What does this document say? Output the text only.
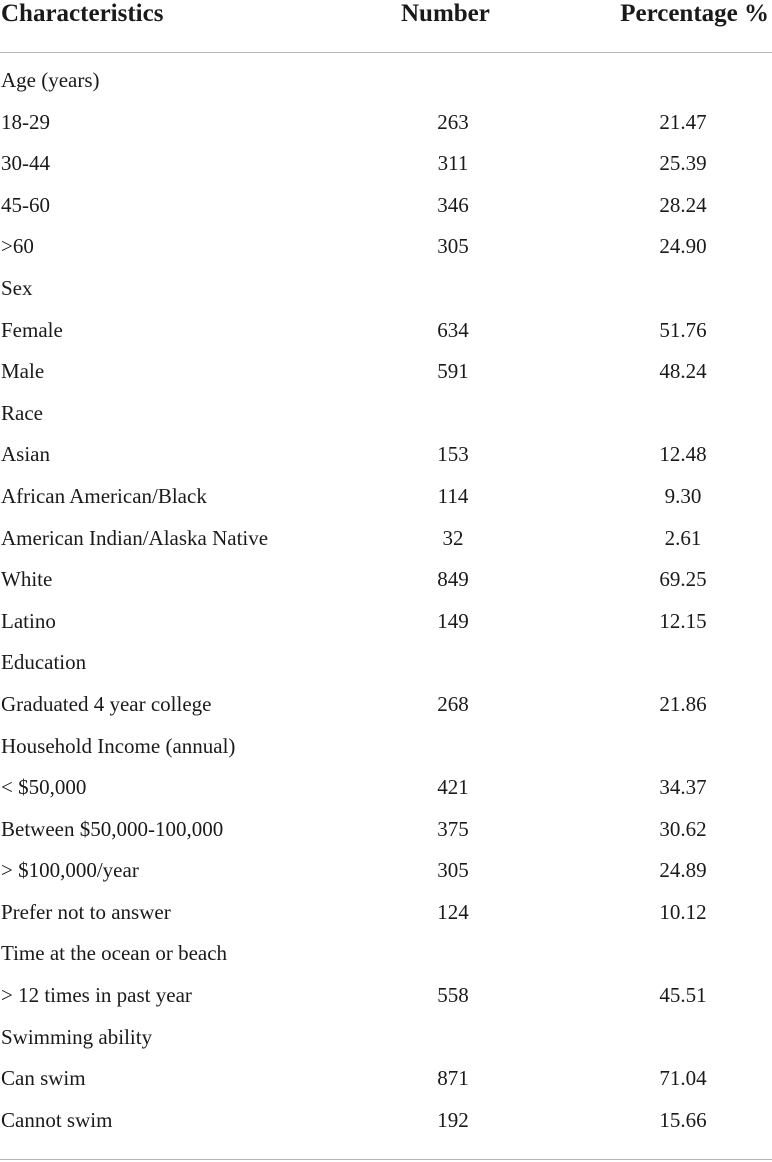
Characteristics	Number	Percentage %
Age (years)
18-29	263	21.47
30-44	311	25.39
45-60	346	28.24
>60	305	24.90
Sex
Female	634	51.76
Male	591	48.24
Race
Asian	153	12.48
African American/Black	114	9.30
American Indian/Alaska Native	32	2.61
White	849	69.25
Latino	149	12.15
Education
Graduated 4 year college	268	21.86
Household Income (annual)
< $50,000	421	34.37
Between $50,000-100,000	375	30.62
> $100,000/year	305	24.89
Prefer not to answer	124	10.12
Time at the ocean or beach
> 12 times in past year	558	45.51
Swimming ability
Can swim	871	71.04
Cannot swim	192	15.66
